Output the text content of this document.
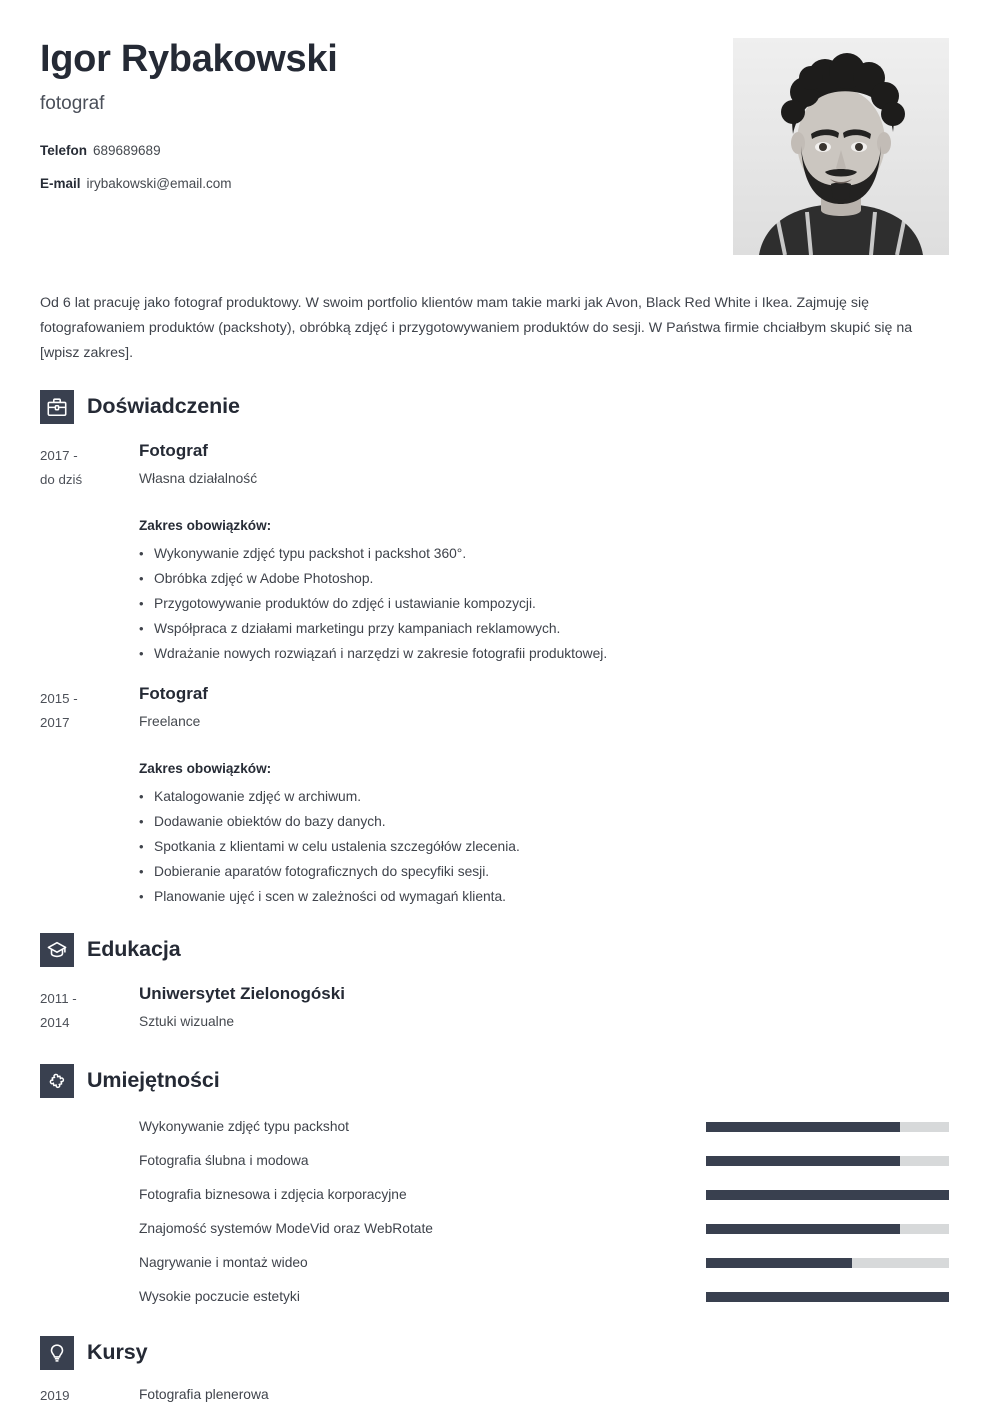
Igor Rybakowski
fotograf
Telefon 689689689
E-mail irybakowski@email.com
Od 6 lat pracuję jako fotograf produktowy. W swoim portfolio klientów mam takie marki jak Avon, Black Red White i Ikea. Zajmuję się fotografowaniem produktów (packshoty), obróbką zdjęć i przygotowywaniem produktów do sesji. W Państwa firmie chciałbym skupić się na [wpisz zakres].
Doświadczenie
2017 -
do dziś
Fotograf
Własna działalność
Zakres obowiązków:
• Wykonywanie zdjęć typu packshot i packshot 360°.
• Obróbka zdjęć w Adobe Photoshop.
• Przygotowywanie produktów do zdjęć i ustawianie kompozycji.
• Współpraca z działami marketingu przy kampaniach reklamowych.
• Wdrażanie nowych rozwiązań i narzędzi w zakresie fotografii produktowej.
2015 -
2017
Fotograf
Freelance
Zakres obowiązków:
• Katalogowanie zdjęć w archiwum.
• Dodawanie obiektów do bazy danych.
• Spotkania z klientami w celu ustalenia szczegółów zlecenia.
• Dobieranie aparatów fotograficznych do specyfiki sesji.
• Planowanie ujęć i scen w zależności od wymagań klienta.
Edukacja
2011 -
2014
Uniwersytet Zielonogóski
Sztuki wizualne
Umiejętności
Wykonywanie zdjęć typu packshot
Fotografia ślubna i modowa
Fotografia biznesowa i zdjęcia korporacyjne
Znajomość systemów ModeVid oraz WebRotate
Nagrywanie i montaż wideo
Wysokie poczucie estetyki
Kursy
2019	Fotografia plenerowa
